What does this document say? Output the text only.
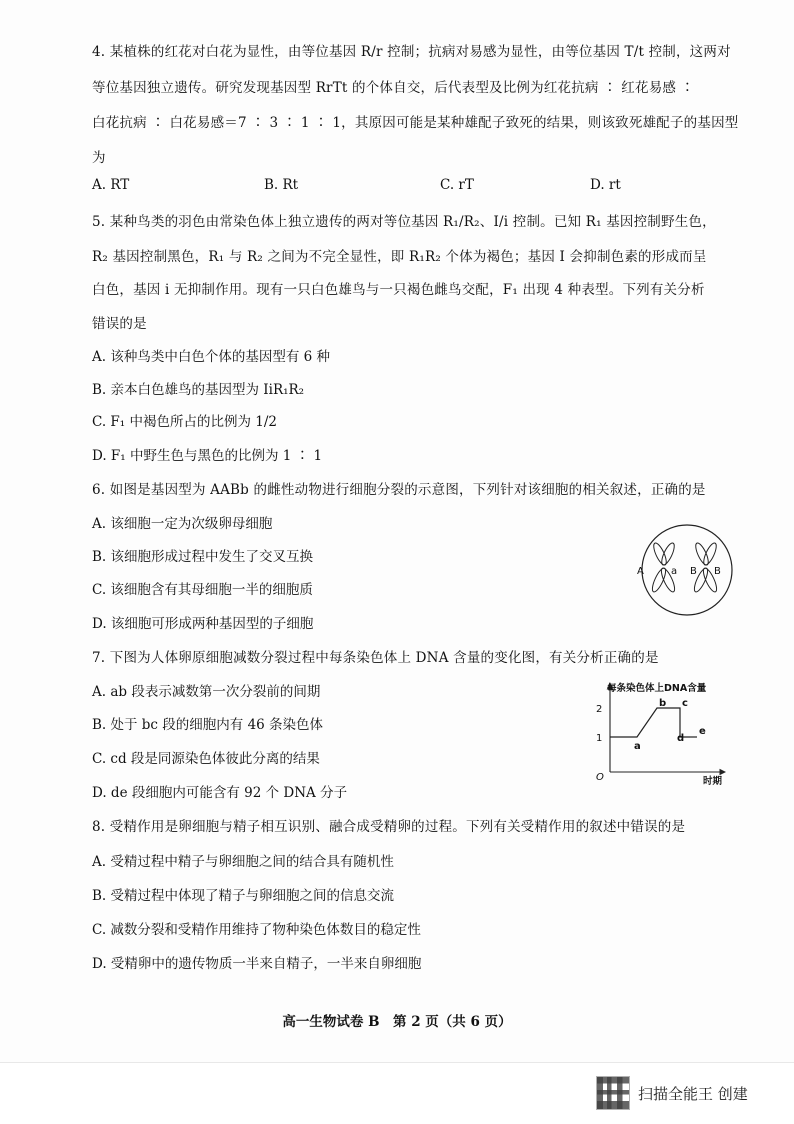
4. 某植株的红花对白花为显性，由等位基因 R/r 控制；抗病对易感为显性，由等位基因 T/t 控制，这两对
等位基因独立遗传。研究发现基因型 RrTt 的个体自交，后代表型及比例为红花抗病 ∶ 红花易感 ∶
白花抗病 ∶ 白花易感＝7 ∶ 3 ∶ 1 ∶ 1，其原因可能是某种雄配子致死的结果，则该致死雄配子的基因型
为
A. RT	B. Rt	C. rT	D. rt
5. 某种鸟类的羽色由常染色体上独立遗传的两对等位基因 R₁/R₂、I/i 控制。已知 R₁ 基因控制野生色，
R₂ 基因控制黑色，R₁ 与 R₂ 之间为不完全显性，即 R₁R₂ 个体为褐色；基因 I 会抑制色素的形成而呈
白色，基因 i 无抑制作用。现有一只白色雄鸟与一只褐色雌鸟交配，F₁ 出现 4 种表型。下列有关分析
错误的是
A. 该种鸟类中白色个体的基因型有 6 种
B. 亲本白色雄鸟的基因型为 IiR₁R₂
C. F₁ 中褐色所占的比例为 1/2
D. F₁ 中野生色与黑色的比例为 1 ∶ 1
6. 如图是基因型为 AABb 的雌性动物进行细胞分裂的示意图，下列针对该细胞的相关叙述，正确的是
A. 该细胞一定为次级卵母细胞
B. 该细胞形成过程中发生了交叉互换
C. 该细胞含有其母细胞一半的细胞质
D. 该细胞可形成两种基因型的子细胞
A	a B B
7. 下图为人体卵原细胞减数分裂过程中每条染色体上 DNA 含量的变化图，有关分析正确的是
A. ab 段表示减数第一次分裂前的间期
B. 处于 bc 段的细胞内有 46 条染色体
C. cd 段是同源染色体彼此分离的结果
D. de 段细胞内可能含有 92 个 DNA 分子
每条染色体上DNA含量
时期
O
2
1
a
b c
d
e
8. 受精作用是卵细胞与精子相互识别、融合成受精卵的过程。下列有关受精作用的叙述中错误的是
A. 受精过程中精子与卵细胞之间的结合具有随机性
B. 受精过程中体现了精子与卵细胞之间的信息交流
C. 减数分裂和受精作用维持了物种染色体数目的稳定性
D. 受精卵中的遗传物质一半来自精子，一半来自卵细胞
高一生物试卷 B　第 2 页（共 6 页）
扫描全能王 创建
